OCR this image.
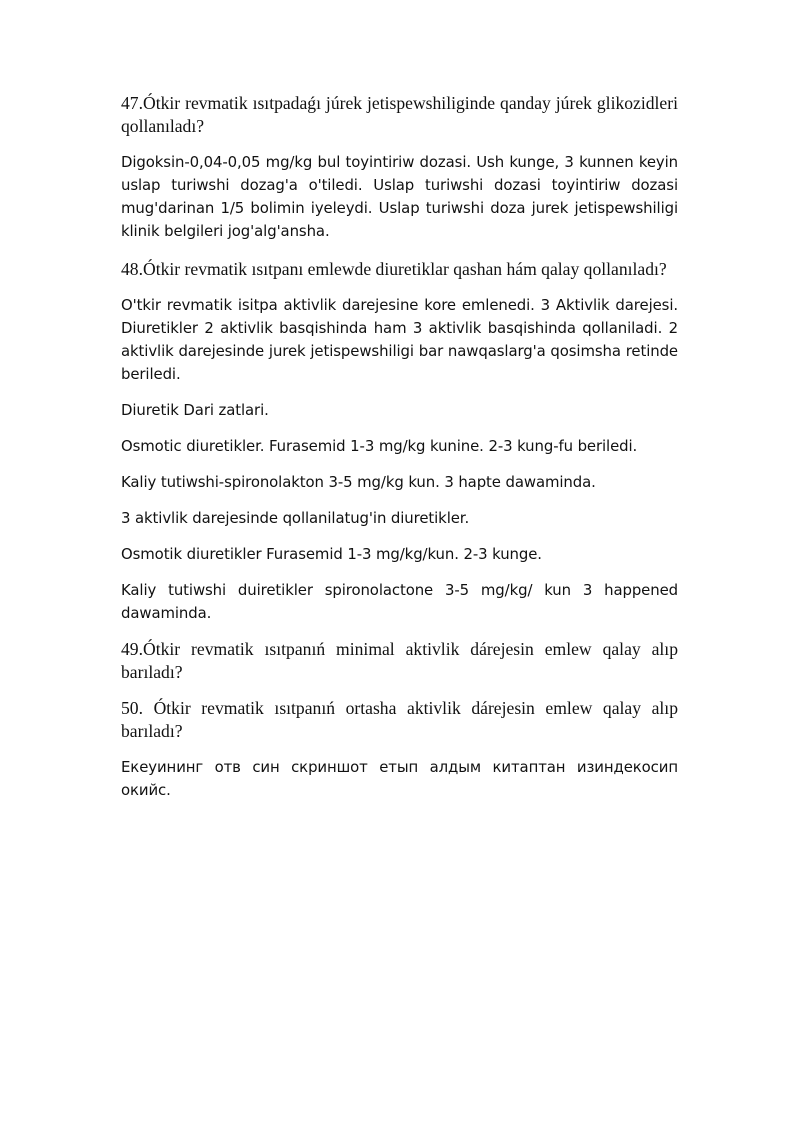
47.Ótkir revmatik ısıtpadaǵı júrek jetispewshiliginde qanday júrek glikozidleri qollanıladı?

Digoksin-0,04-0,05 mg/kg bul toyintiriw dozasi. Ush kunge, 3 kunnen keyin uslap turiwshi dozag'a o'tiledi. Uslap turiwshi dozasi toyintiriw dozasi mug'darinan 1/5 bolimin iyeleydi. Uslap turiwshi doza jurek jetispewshiligi klinik belgileri jog'alg'ansha.

48.Ótkir revmatik ısıtpanı emlewde diuretiklar qashan hám qalay qollanıladı?

O'tkir revmatik isitpa aktivlik darejesine kore emlenedi. 3 Aktivlik darejesi. Diuretikler 2 aktivlik basqishinda ham 3 aktivlik basqishinda qollaniladi. 2 aktivlik darejesinde jurek jetispewshiligi bar nawqaslarg'a qosimsha retinde beriledi.

Diuretik Dari zatlari.

Osmotic diuretikler. Furasemid 1-3 mg/kg kunine. 2-3 kung-fu beriledi.

Kaliy tutiwshi-spironolakton 3-5 mg/kg kun. 3 hapte dawaminda.

3 aktivlik darejesinde qollanilatug'in diuretikler.

Osmotik diuretikler Furasemid 1-3 mg/kg/kun. 2-3 kunge.

Kaliy tutiwshi duiretikler spironolactone 3-5 mg/kg/ kun 3 happened dawaminda.

49.Ótkir revmatik ısıtpanıń minimal aktivlik dárejesin emlew qalay alıp barıladı?

50. Ótkir revmatik ısıtpanıń ortasha aktivlik dárejesin emlew qalay alıp barıladı?

Екеуининг отв син скриншот етып алдым китаптан изиндекосип окийс.
